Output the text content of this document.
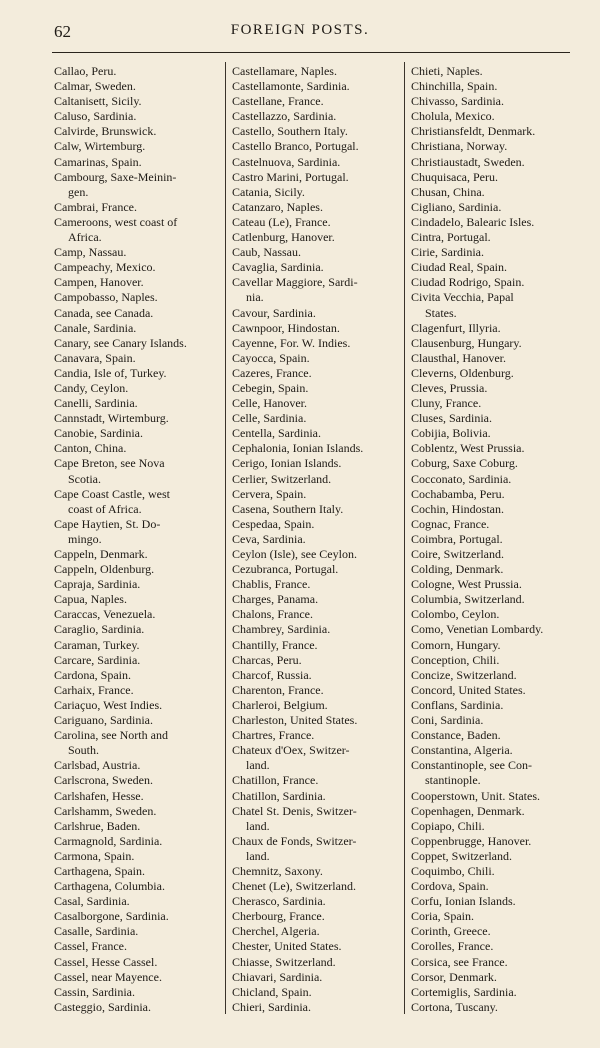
62	FOREIGN POSTS.
Callao, Peru.
Calmar, Sweden.
Caltanisett, Sicily.
Caluso, Sardinia.
Calvirde, Brunswick.
Calw, Wirtemburg.
Camarinas, Spain.
Cambourg, Saxe-Meinin-
gen.
Cambrai, France.
Cameroons, west coast of
Africa.
Camp, Nassau.
Campeachy, Mexico.
Campen, Hanover.
Campobasso, Naples.
Canada, see Canada.
Canale, Sardinia.
Canary, see Canary Islands.
Canavara, Spain.
Candia, Isle of, Turkey.
Candy, Ceylon.
Canelli, Sardinia.
Cannstadt, Wirtemburg.
Canobie, Sardinia.
Canton, China.
Cape Breton, see Nova
Scotia.
Cape Coast Castle, west
coast of Africa.
Cape Haytien, St. Do-
mingo.
Cappeln, Denmark.
Cappeln, Oldenburg.
Capraja, Sardinia.
Capua, Naples.
Caraccas, Venezuela.
Caraglio, Sardinia.
Caraman, Turkey.
Carcare, Sardinia.
Cardona, Spain.
Carhaix, France.
Cariaçuo, West Indies.
Cariguano, Sardinia.
Carolina, see North and
South.
Carlsbad, Austria.
Carlscrona, Sweden.
Carlshafen, Hesse.
Carlshamm, Sweden.
Carlshrue, Baden.
Carmagnold, Sardinia.
Carmona, Spain.
Carthagena, Spain.
Carthagena, Columbia.
Casal, Sardinia.
Casalborgone, Sardinia.
Casalle, Sardinia.
Cassel, France.
Cassel, Hesse Cassel.
Cassel, near Mayence.
Cassin, Sardinia.
Casteggio, Sardinia.
Castellamare, Naples.
Castellamonte, Sardinia.
Castellane, France.
Castellazzo, Sardinia.
Castello, Southern Italy.
Castello Branco, Portugal.
Castelnuova, Sardinia.
Castro Marini, Portugal.
Catania, Sicily.
Catanzaro, Naples.
Cateau (Le), France.
Catlenburg, Hanover.
Caub, Nassau.
Cavaglia, Sardinia.
Cavellar Maggiore, Sardi-
nia.
Cavour, Sardinia.
Cawnpoor, Hindostan.
Cayenne, For. W. Indies.
Cayocca, Spain.
Cazeres, France.
Cebegin, Spain.
Celle, Hanover.
Celle, Sardinia.
Centella, Sardinia.
Cephalonia, Ionian Islands.
Cerigo, Ionian Islands.
Cerlier, Switzerland.
Cervera, Spain.
Casena, Southern Italy.
Cespedaa, Spain.
Ceva, Sardinia.
Ceylon (Isle), see Ceylon.
Cezubranca, Portugal.
Chablis, France.
Charges, Panama.
Chalons, France.
Chambrey, Sardinia.
Chantilly, France.
Charcas, Peru.
Charcof, Russia.
Charenton, France.
Charleroi, Belgium.
Charleston, United States.
Chartres, France.
Chateux d'Oex, Switzer-
land.
Chatillon, France.
Chatillon, Sardinia.
Chatel St. Denis, Switzer-
land.
Chaux de Fonds, Switzer-
land.
Chemnitz, Saxony.
Chenet (Le), Switzerland.
Cherasco, Sardinia.
Cherbourg, France.
Cherchel, Algeria.
Chester, United States.
Chiasse, Switzerland.
Chiavari, Sardinia.
Chicland, Spain.
Chieri, Sardinia.
Chieti, Naples.
Chinchilla, Spain.
Chivasso, Sardinia.
Cholula, Mexico.
Christiansfeldt, Denmark.
Christiana, Norway.
Christiaustadt, Sweden.
Chuquisaca, Peru.
Chusan, China.
Cigliano, Sardinia.
Cindadelo, Balearic Isles.
Cintra, Portugal.
Cirie, Sardinia.
Ciudad Real, Spain.
Ciudad Rodrigo, Spain.
Civita Vecchia, Papal
States.
Clagenfurt, Illyria.
Clausenburg, Hungary.
Clausthal, Hanover.
Cleverns, Oldenburg.
Cleves, Prussia.
Cluny, France.
Cluses, Sardinia.
Cobijia, Bolivia.
Coblentz, West Prussia.
Coburg, Saxe Coburg.
Cocconato, Sardinia.
Cochabamba, Peru.
Cochin, Hindostan.
Cognac, France.
Coimbra, Portugal.
Coire, Switzerland.
Colding, Denmark.
Cologne, West Prussia.
Columbia, Switzerland.
Colombo, Ceylon.
Como, Venetian Lombardy.
Comorn, Hungary.
Conception, Chili.
Concize, Switzerland.
Concord, United States.
Conflans, Sardinia.
Coni, Sardinia.
Constance, Baden.
Constantina, Algeria.
Constantinople, see Con-
stantinople.
Cooperstown, Unit. States.
Copenhagen, Denmark.
Copiapo, Chili.
Coppenbrugge, Hanover.
Coppet, Switzerland.
Coquimbo, Chili.
Cordova, Spain.
Corfu, Ionian Islands.
Coria, Spain.
Corinth, Greece.
Corolles, France.
Corsica, see France.
Corsor, Denmark.
Cortemiglis, Sardinia.
Cortona, Tuscany.
